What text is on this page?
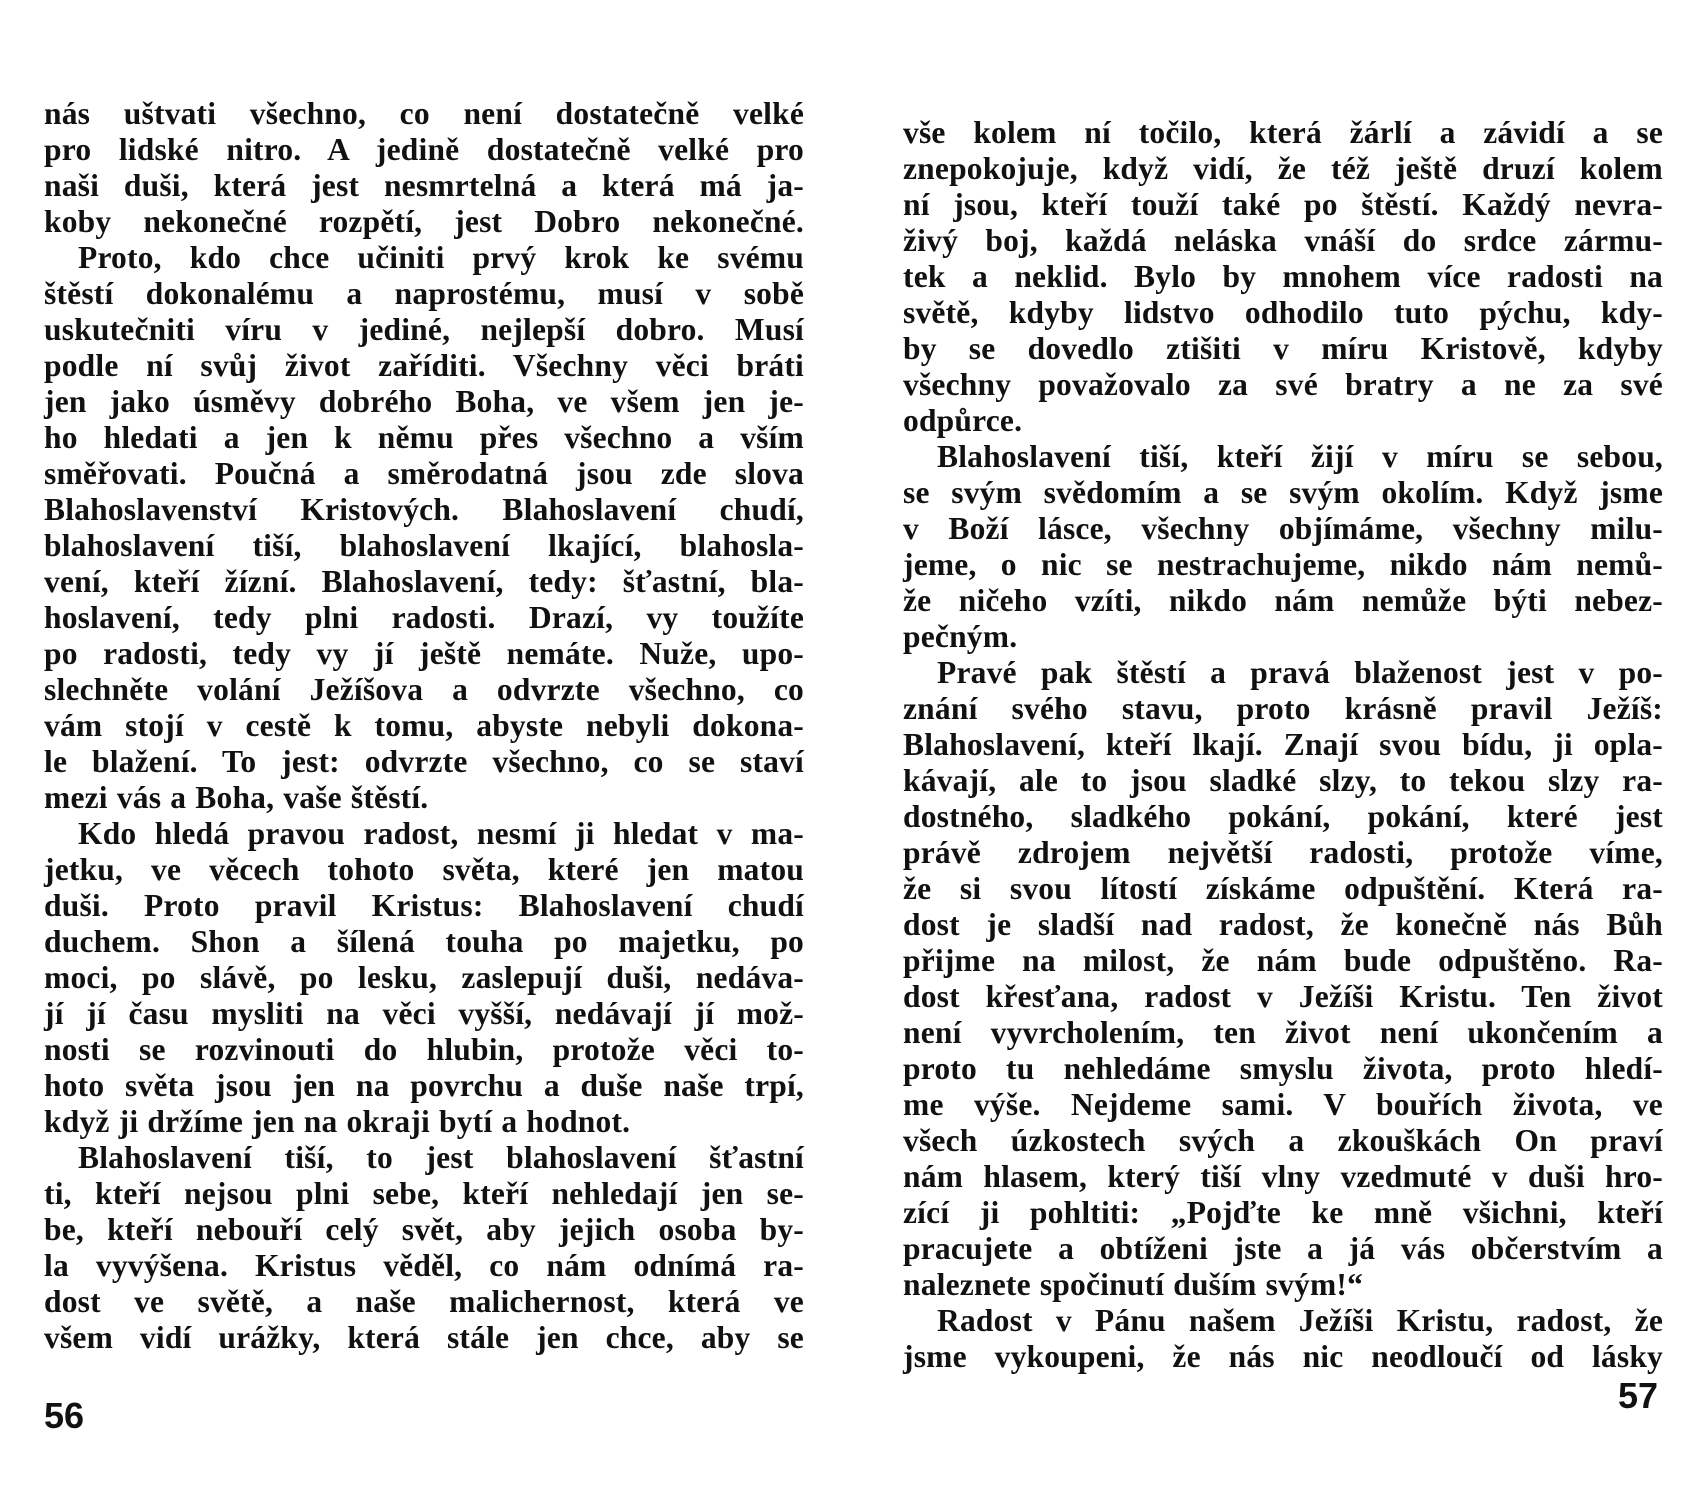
nás uštvati všechno, co není dostatečně velké
pro lidské nitro. A jedině dostatečně velké pro
naši duši, která jest nesmrtelná a která má ja-
koby nekonečné rozpětí, jest Dobro nekonečné.
Proto, kdo chce učiniti prvý krok ke svému
štěstí dokonalému a naprostému, musí v sobě
uskutečniti víru v jediné, nejlepší dobro. Musí
podle ní svůj život zaříditi. Všechny věci bráti
jen jako úsměvy dobrého Boha, ve všem jen je-
ho hledati a jen k němu přes všechno a vším
směřovati. Poučná a směrodatná jsou zde slova
Blahoslavenství Kristových. Blahoslavení chudí,
blahoslavení tiší, blahoslavení lkající, blahosla-
vení, kteří žízní. Blahoslavení, tedy: šťastní, bla-
hoslavení, tedy plni radosti. Drazí, vy toužíte
po radosti, tedy vy jí ještě nemáte. Nuže, upo-
slechněte volání Ježíšova a odvrzte všechno, co
vám stojí v cestě k tomu, abyste nebyli dokona-
le blažení. To jest: odvrzte všechno, co se staví
mezi vás a Boha, vaše štěstí.
Kdo hledá pravou radost, nesmí ji hledat v ma-
jetku, ve věcech tohoto světa, které jen matou
duši. Proto pravil Kristus: Blahoslavení chudí
duchem. Shon a šílená touha po majetku, po
moci, po slávě, po lesku, zaslepují duši, nedáva-
jí jí času mysliti na věci vyšší, nedávají jí mož-
nosti se rozvinouti do hlubin, protože věci to-
hoto světa jsou jen na povrchu a duše naše trpí,
když ji držíme jen na okraji bytí a hodnot.
Blahoslavení tiší, to jest blahoslavení šťastní
ti, kteří nejsou plni sebe, kteří nehledají jen se-
be, kteří nebouří celý svět, aby jejich osoba by-
la vyvýšena. Kristus věděl, co nám odnímá ra-
dost ve světě, a naše malichernost, která ve
všem vidí urážky, která stále jen chce, aby se
56
vše kolem ní točilo, která žárlí a závidí a se
znepokojuje, když vidí, že též ještě druzí kolem
ní jsou, kteří touží také po štěstí. Každý nevra-
živý boj, každá neláska vnáší do srdce zármu-
tek a neklid. Bylo by mnohem více radosti na
světě, kdyby lidstvo odhodilo tuto pýchu, kdy-
by se dovedlo ztišiti v míru Kristově, kdyby
všechny považovalo za své bratry a ne za své
odpůrce.
Blahoslavení tiší, kteří žijí v míru se sebou,
se svým svědomím a se svým okolím. Když jsme
v Boží lásce, všechny objímáme, všechny milu-
jeme, o nic se nestrachujeme, nikdo nám nemů-
že ničeho vzíti, nikdo nám nemůže býti nebez-
pečným.
Pravé pak štěstí a pravá blaženost jest v po-
znání svého stavu, proto krásně pravil Ježíš:
Blahoslavení, kteří lkají. Znají svou bídu, ji opla-
kávají, ale to jsou sladké slzy, to tekou slzy ra-
dostného, sladkého pokání, pokání, které jest
právě zdrojem největší radosti, protože víme,
že si svou lítostí získáme odpuštění. Která ra-
dost je sladší nad radost, že konečně nás Bůh
přijme na milost, že nám bude odpuštěno. Ra-
dost křesťana, radost v Ježíši Kristu. Ten život
není vyvrcholením, ten život není ukončením a
proto tu nehledáme smyslu života, proto hledí-
me výše. Nejdeme sami. V bouřích života, ve
všech úzkostech svých a zkouškách On praví
nám hlasem, který tiší vlny vzedmuté v duši hro-
zící ji pohltiti: „Pojďte ke mně všichni, kteří
pracujete a obtíženi jste a já vás občerstvím a
naleznete spočinutí duším svým!“
Radost v Pánu našem Ježíši Kristu, radost, že
jsme vykoupeni, že nás nic neodloučí od lásky
57
